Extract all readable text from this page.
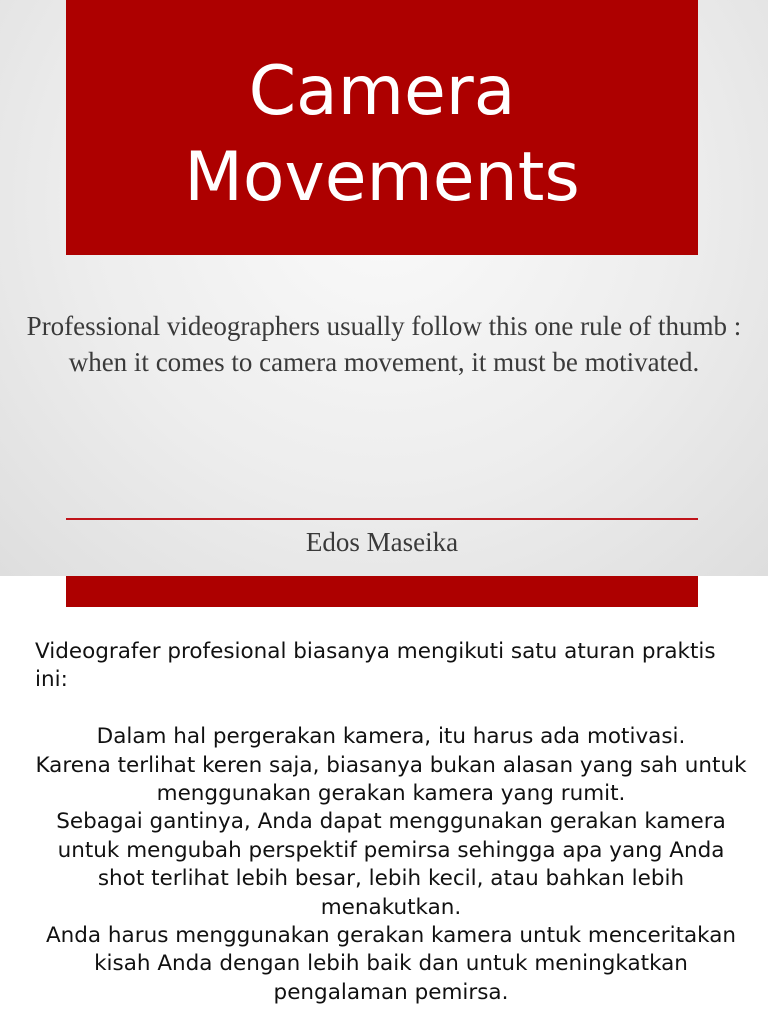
Camera
Movements
Professional videographers usually follow this one rule of thumb : when it comes to camera movement, it must be motivated.
Edos Maseika

Videografer profesional biasanya mengikuti satu aturan praktis ini:

Dalam hal pergerakan kamera, itu harus ada motivasi.

Karena terlihat keren saja, biasanya bukan alasan yang sah untuk menggunakan gerakan kamera yang rumit.

Sebagai gantinya, Anda dapat menggunakan gerakan kamera

untuk mengubah perspektif pemirsa sehingga apa yang Anda shot terlihat lebih besar, lebih kecil, atau bahkan lebih menakutkan.

Anda harus menggunakan gerakan kamera untuk menceritakan kisah Anda dengan lebih baik dan untuk meningkatkan pengalaman pemirsa.
